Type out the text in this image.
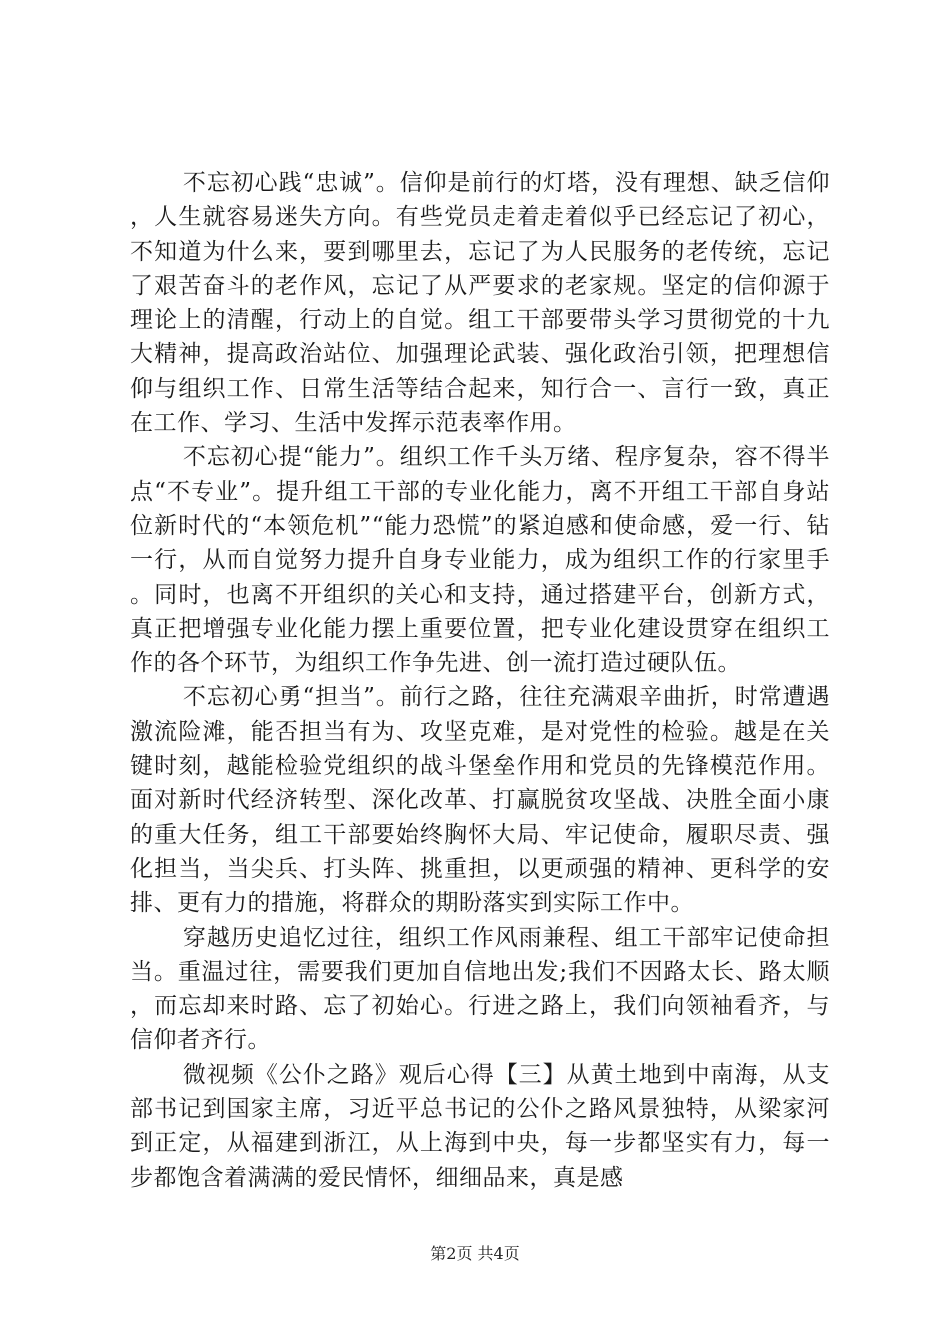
不忘初心践“忠诚”。信仰是前行的灯塔，没有理想、缺乏信仰，人生就容易迷失方向。有些党员走着走着似乎已经忘记了初心，不知道为什么来，要到哪里去，忘记了为人民服务的老传统，忘记了艰苦奋斗的老作风，忘记了从严要求的老家规。坚定的信仰源于理论上的清醒，行动上的自觉。组工干部要带头学习贯彻党的十九大精神，提高政治站位、加强理论武装、强化政治引领，把理想信仰与组织工作、日常生活等结合起来，知行合一、言行一致，真正在工作、学习、生活中发挥示范表率作用。

不忘初心提“能力”。组织工作千头万绪、程序复杂，容不得半点“不专业”。提升组工干部的专业化能力，离不开组工干部自身站位新时代的“本领危机”“能力恐慌”的紧迫感和使命感，爱一行、钻一行，从而自觉努力提升自身专业能力，成为组织工作的行家里手。同时，也离不开组织的关心和支持，通过搭建平台，创新方式，真正把增强专业化能力摆上重要位置，把专业化建设贯穿在组织工作的各个环节，为组织工作争先进、创一流打造过硬队伍。

不忘初心勇“担当”。前行之路，往往充满艰辛曲折，时常遭遇激流险滩，能否担当有为、攻坚克难，是对党性的检验。越是在关键时刻，越能检验党组织的战斗堡垒作用和党员的先锋模范作用。面对新时代经济转型、深化改革、打赢脱贫攻坚战、决胜全面小康的重大任务，组工干部要始终胸怀大局、牢记使命，履职尽责、强化担当，当尖兵、打头阵、挑重担，以更顽强的精神、更科学的安排、更有力的措施，将群众的期盼落实到实际工作中。

穿越历史追忆过往，组织工作风雨兼程、组工干部牢记使命担当。重温过往，需要我们更加自信地出发;我们不因路太长、路太顺，而忘却来时路、忘了初始心。行进之路上，我们向领袖看齐，与信仰者齐行。

微视频《公仆之路》观后心得【三】从黄土地到中南海，从支部书记到国家主席，习近平总书记的公仆之路风景独特，从梁家河到正定，从福建到浙江，从上海到中央，每一步都坚实有力，每一步都饱含着满满的爱民情怀，细细品来，真是感

第2页 共4页
